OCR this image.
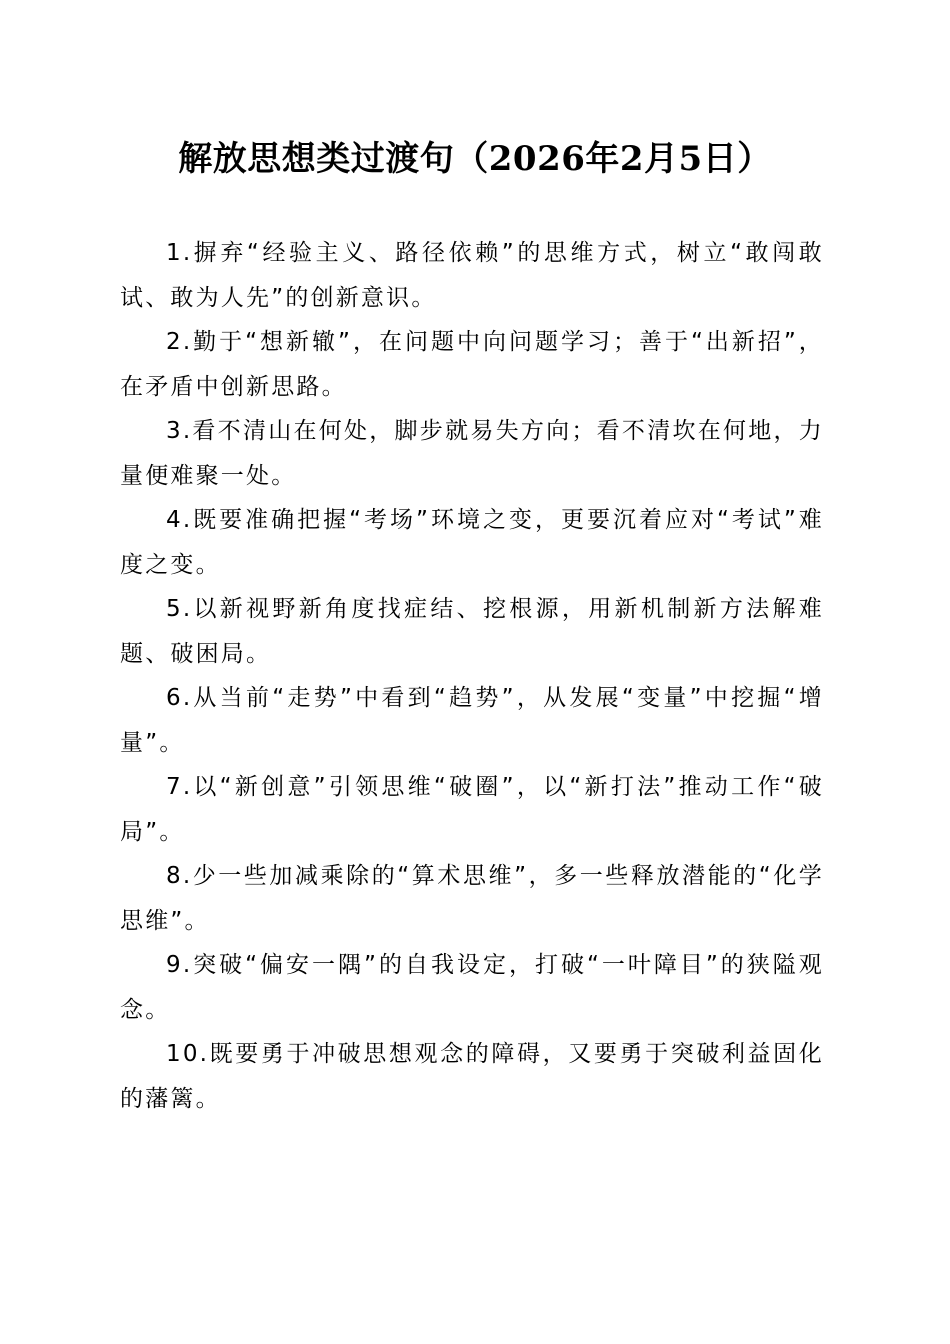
解放思想类过渡句（2026年2月5日）

1.摒弃“经验主义、路径依赖”的思维方式，树立“敢闯敢试、敢为人先”的创新意识。

2.勤于“想新辙”，在问题中向问题学习；善于“出新招”，在矛盾中创新思路。

3.看不清山在何处，脚步就易失方向；看不清坎在何地，力量便难聚一处。

4.既要准确把握“考场”环境之变，更要沉着应对“考试”难度之变。

5.以新视野新角度找症结、挖根源，用新机制新方法解难题、破困局。

6.从当前“走势”中看到“趋势”，从发展“变量”中挖掘“增量”。

7.以“新创意”引领思维“破圈”，以“新打法”推动工作“破局”。

8.少一些加减乘除的“算术思维”，多一些释放潜能的“化学思维”。

9.突破“偏安一隅”的自我设定，打破“一叶障目”的狭隘观念。

10.既要勇于冲破思想观念的障碍，又要勇于突破利益固化的藩篱。
